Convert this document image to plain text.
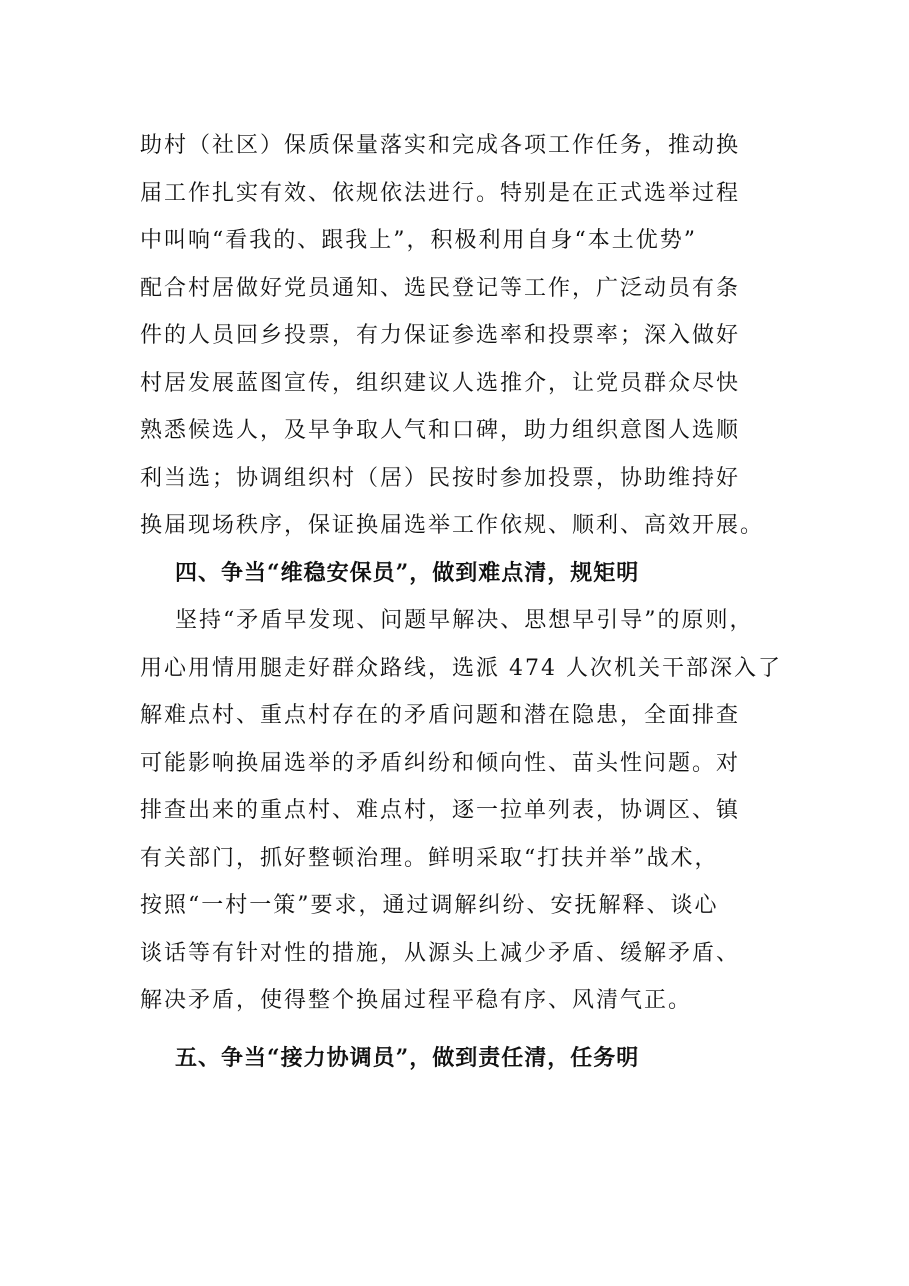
助村（社区）保质保量落实和完成各项工作任务，推动换
届工作扎实有效、依规依法进行。特别是在正式选举过程
中叫响“看我的、跟我上”，积极利用自身“本土优势”
配合村居做好党员通知、选民登记等工作，广泛动员有条
件的人员回乡投票，有力保证参选率和投票率；深入做好
村居发展蓝图宣传，组织建议人选推介，让党员群众尽快
熟悉候选人，及早争取人气和口碑，助力组织意图人选顺
利当选；协调组织村（居）民按时参加投票，协助维持好
换届现场秩序，保证换届选举工作依规、顺利、高效开展。
四、争当“维稳安保员”，做到难点清，规矩明
坚持“矛盾早发现、问题早解决、思想早引导”的原则，
用心用情用腿走好群众路线，选派 474 人次机关干部深入了
解难点村、重点村存在的矛盾问题和潜在隐患，全面排查
可能影响换届选举的矛盾纠纷和倾向性、苗头性问题。对
排查出来的重点村、难点村，逐一拉单列表，协调区、镇
有关部门，抓好整顿治理。鲜明采取“打扶并举”战术，
按照“一村一策”要求，通过调解纠纷、安抚解释、谈心
谈话等有针对性的措施，从源头上减少矛盾、缓解矛盾、
解决矛盾，使得整个换届过程平稳有序、风清气正。
五、争当“接力协调员”，做到责任清，任务明
